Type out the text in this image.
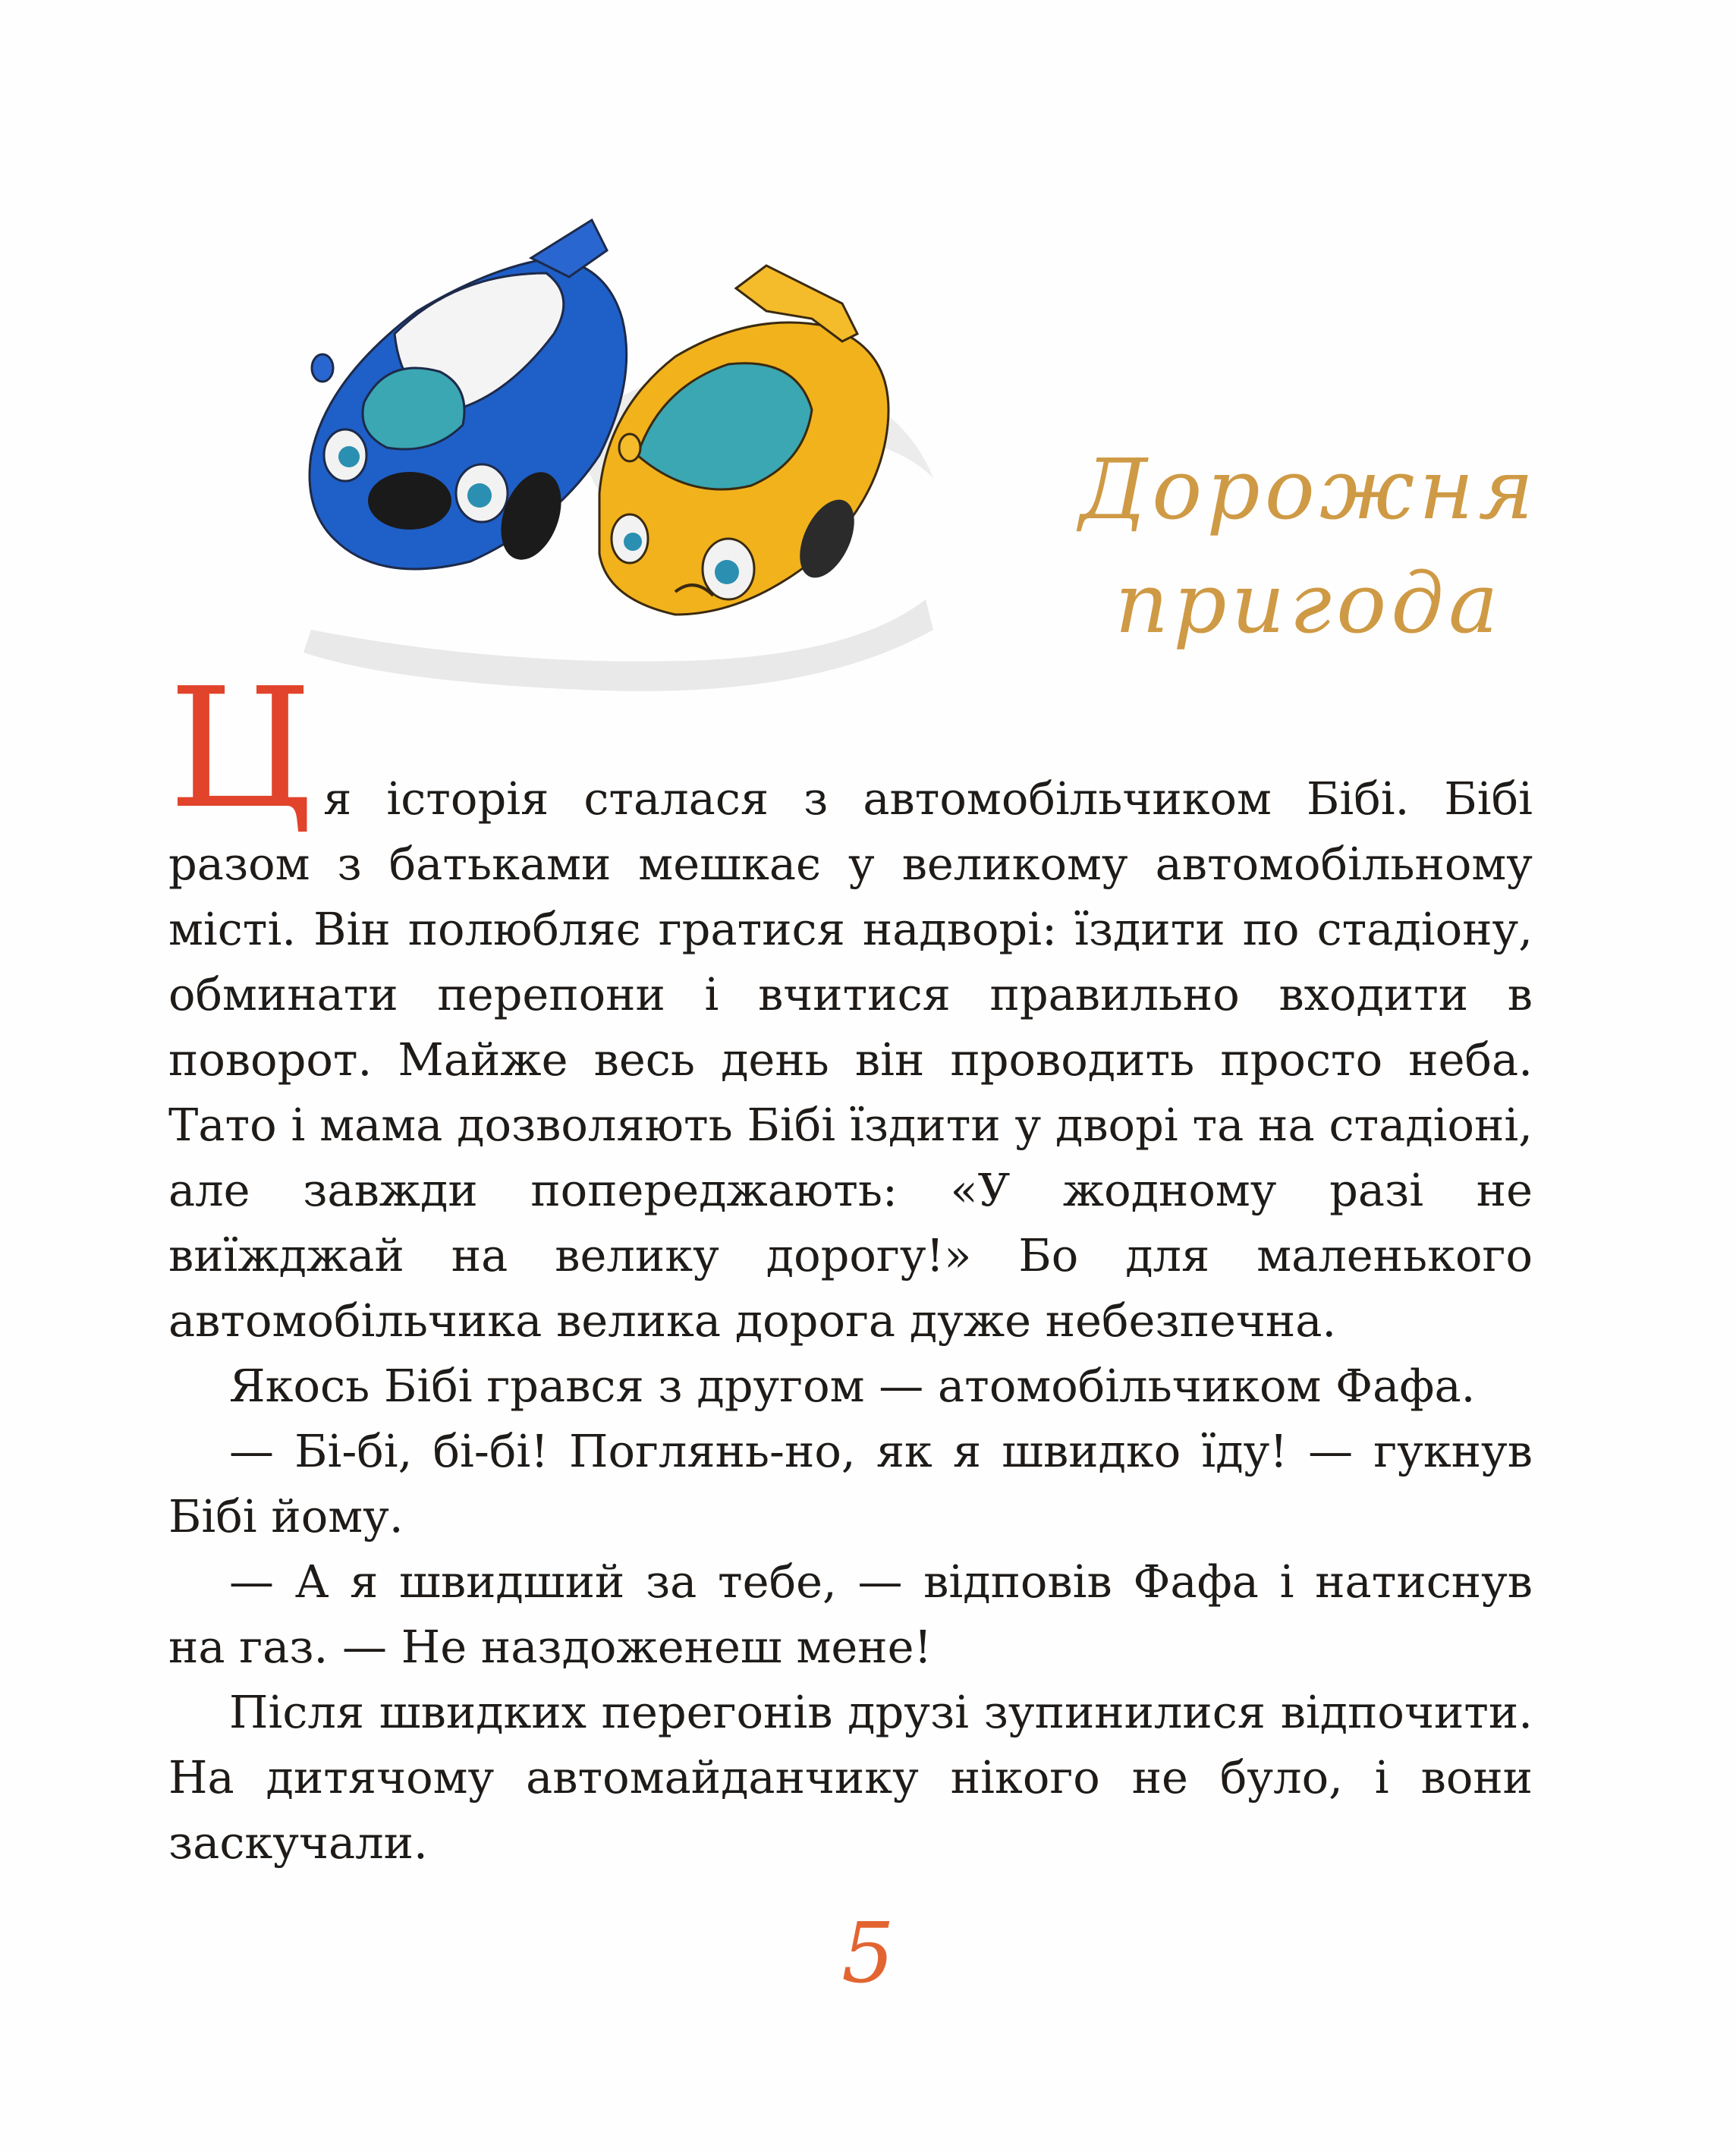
Дорожня
пригода

Ця історія сталася з автомобільчиком Бібі. Бібі разом з батьками мешкає у великому автомобільному місті. Він полюбляє гратися надворі: їздити по стадіону, обминати перепони і вчитися правильно входити в поворот. Майже весь день він проводить просто неба. Тато і мама дозволяють Бібі їздити у дворі та на стадіоні, але завжди попереджають: «У жодному разі не виїжджай на велику дорогу!» Бо для маленького автомобільчика велика дорога дуже небезпечна.

Якось Бібі грався з другом — атомобільчиком Фафа.

— Бі-бі, бі-бі! Поглянь-но, як я швидко їду! — гукнув Бібі йому.

— А я швидший за тебе, — відповів Фафа і натиснув на газ. — Не наздоженеш мене!

Після швидких перегонів друзі зупинилися відпочити. На дитячому автомайданчику нікого не було, і вони заскучали.

5
